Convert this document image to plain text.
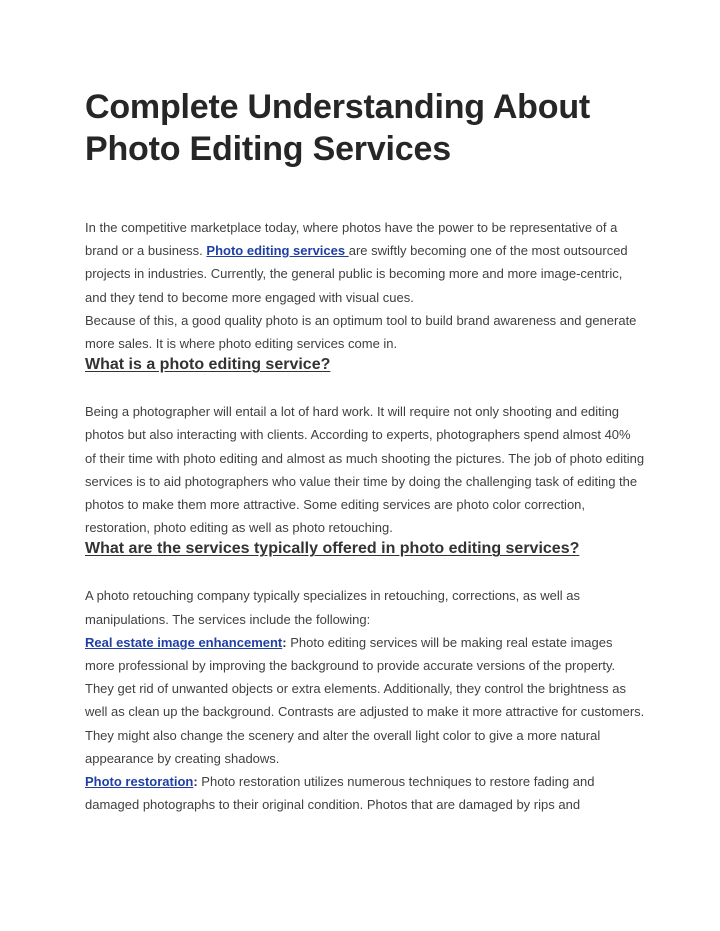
Complete Understanding About Photo Editing Services

In the competitive marketplace today, where photos have the power to be representative of a brand or a business. Photo editing services are swiftly becoming one of the most outsourced projects in industries. Currently, the general public is becoming more and more image-centric, and they tend to become more engaged with visual cues.

Because of this, a good quality photo is an optimum tool to build brand awareness and generate more sales. It is where photo editing services come in.

What is a photo editing service?

Being a photographer will entail a lot of hard work. It will require not only shooting and editing photos but also interacting with clients. According to experts, photographers spend almost 40% of their time with photo editing and almost as much shooting the pictures. The job of photo editing services is to aid photographers who value their time by doing the challenging task of editing the photos to make them more attractive. Some editing services are photo color correction, restoration, photo editing as well as photo retouching.

What are the services typically offered in photo editing services?

A photo retouching company typically specializes in retouching, corrections, as well as manipulations. The services include the following:

Real estate image enhancement: Photo editing services will be making real estate images more professional by improving the background to provide accurate versions of the property. They get rid of unwanted objects or extra elements. Additionally, they control the brightness as well as clean up the background. Contrasts are adjusted to make it more attractive for customers. They might also change the scenery and alter the overall light color to give a more natural appearance by creating shadows.

Photo restoration: Photo restoration utilizes numerous techniques to restore fading and damaged photographs to their original condition. Photos that are damaged by rips and
